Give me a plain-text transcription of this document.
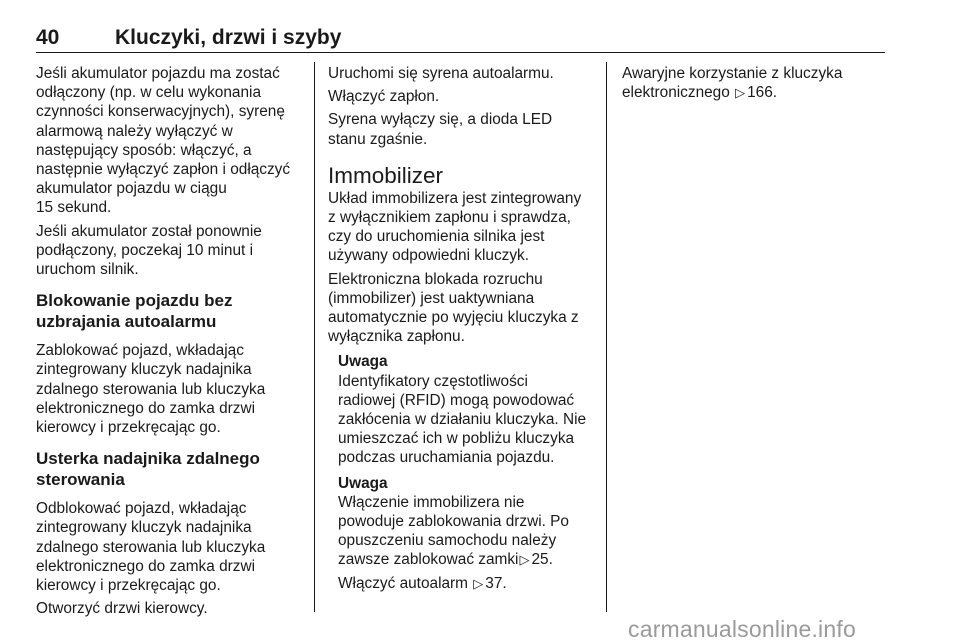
40	Kluczyki, drzwi i szyby

Jeśli akumulator pojazdu ma zostać
odłączony (np. w celu wykonania
czynności konserwacyjnych), syrenę
alarmową należy wyłączyć w
następujący sposób: włączyć, a
następnie wyłączyć zapłon i odłączyć
akumulator pojazdu w ciągu
15 sekund.

Jeśli akumulator został ponownie
podłączony, poczekaj 10 minut i
uruchom silnik.

Blokowanie pojazdu bez
uzbrajania autoalarmu

Zablokować pojazd, wkładając
zintegrowany kluczyk nadajnika
zdalnego sterowania lub kluczyka
elektronicznego do zamka drzwi
kierowcy i przekręcając go.

Usterka nadajnika zdalnego
sterowania

Odblokować pojazd, wkładając
zintegrowany kluczyk nadajnika
zdalnego sterowania lub kluczyka
elektronicznego do zamka drzwi
kierowcy i przekręcając go.

Otworzyć drzwi kierowcy.

Uruchomi się syrena autoalarmu.

Włączyć zapłon.

Syrena wyłączy się, a dioda LED
stanu zgaśnie.

Immobilizer

Układ immobilizera jest zintegrowany
z wyłącznikiem zapłonu i sprawdza,
czy do uruchomienia silnika jest
używany odpowiedni kluczyk.

Elektroniczna blokada rozruchu
(immobilizer) jest uaktywniana
automatycznie po wyjęciu kluczyka z
wyłącznika zapłonu.

Uwaga

Identyfikatory częstotliwości
radiowej (RFID) mogą powodować
zakłócenia w działaniu kluczyka. Nie
umieszczać ich w pobliżu kluczyka
podczas uruchamiania pojazdu.

Uwaga

Włączenie immobilizera nie
powoduje zablokowania drzwi. Po
opuszczeniu samochodu należy
zawsze zablokować zamki▷ 25.

Włączyć autoalarm ▷ 37.

Awaryjne korzystanie z kluczyka
elektronicznego ▷ 166.

carmanualsonline.info
